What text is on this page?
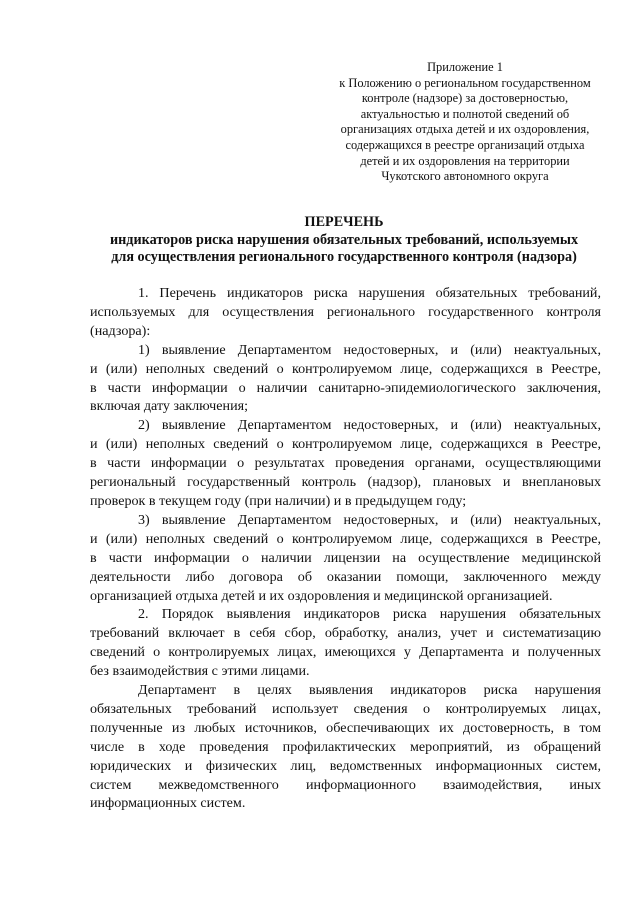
Приложение 1
к Положению о региональном государственном
контроле (надзоре) за достоверностью,
актуальностью и полнотой сведений об
организациях отдыха детей и их оздоровления,
содержащихся в реестре организаций отдыха
детей и их оздоровления на территории
Чукотского автономного округа
ПЕРЕЧЕНЬ
индикаторов риска нарушения обязательных требований, используемых
для осуществления регионального государственного контроля (надзора)
1. Перечень индикаторов риска нарушения обязательных требований,
используемых для осуществления регионального государственного контроля
(надзора):
1) выявление Департаментом недостоверных, и (или) неактуальных,
и (или) неполных сведений о контролируемом лице, содержащихся в Реестре,
в части информации о наличии санитарно-эпидемиологического заключения,
включая дату заключения;
2) выявление Департаментом недостоверных, и (или) неактуальных,
и (или) неполных сведений о контролируемом лице, содержащихся в Реестре,
в части информации о результатах проведения органами, осуществляющими
региональный государственный контроль (надзор), плановых и внеплановых
проверок в текущем году (при наличии) и в предыдущем году;
3) выявление Департаментом недостоверных, и (или) неактуальных,
и (или) неполных сведений о контролируемом лице, содержащихся в Реестре,
в части информации о наличии лицензии на осуществление медицинской
деятельности либо договора об оказании помощи, заключенного между
организацией отдыха детей и их оздоровления и медицинской организацией.
2. Порядок выявления индикаторов риска нарушения обязательных
требований включает в себя сбор, обработку, анализ, учет и систематизацию
сведений о контролируемых лицах, имеющихся у Департамента и полученных
без взаимодействия с этими лицами.
Департамент в целях выявления индикаторов риска нарушения
обязательных требований использует сведения о контролируемых лицах,
полученные из любых источников, обеспечивающих их достоверность, в том
числе в ходе проведения профилактических мероприятий, из обращений
юридических и физических лиц, ведомственных информационных систем,
систем межведомственного информационного взаимодействия, иных
информационных систем.
